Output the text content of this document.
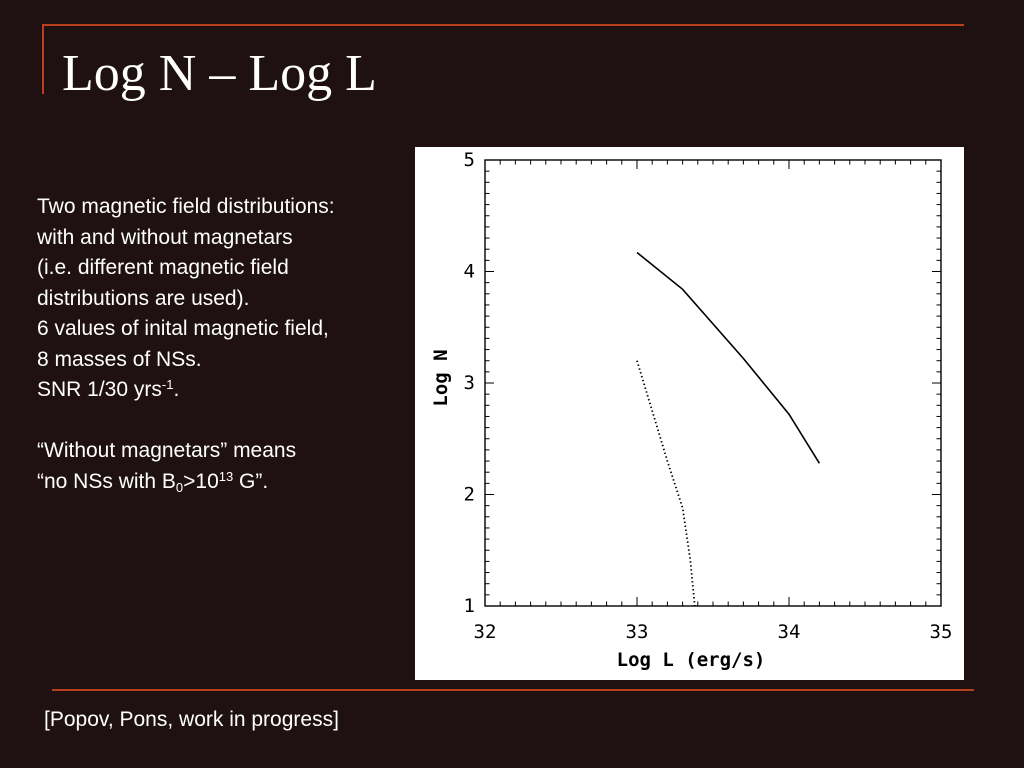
Log N – Log L

Two magnetic field distributions:

with and without magnetars

(i.e. different magnetic field

distributions are used).

6 values of inital magnetic field,

8 masses of NSs.

SNR 1/30 yrs$^{-1}$.

“Without magnetars” means

“no NSs with $B_0>10^{13}$ G”.

32	33	34	35
1
2
3
4
5
Log L (erg/s)
Log N
[Popov, Pons, work in progress]
